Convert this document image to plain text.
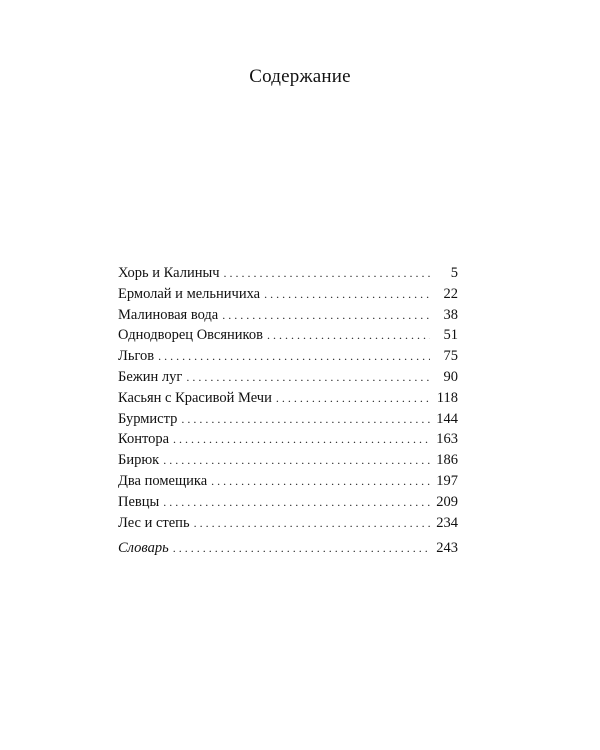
Содержание
Хорь и Калиныч . . .	5
Ермолай и мельничиха . . .	22
Малиновая вода . . .	38
Однодворец Овсяников . . .	51
Льгов . . .	75
Бежин луг . . .	90
Касьян с Красивой Мечи . . .	118
Бурмистр . . .	144
Контора . . .	163
Бирюк . . .	186
Два помещика . . .	197
Певцы . . .	209
Лес и степь . . .	234
Словарь . . .	243
